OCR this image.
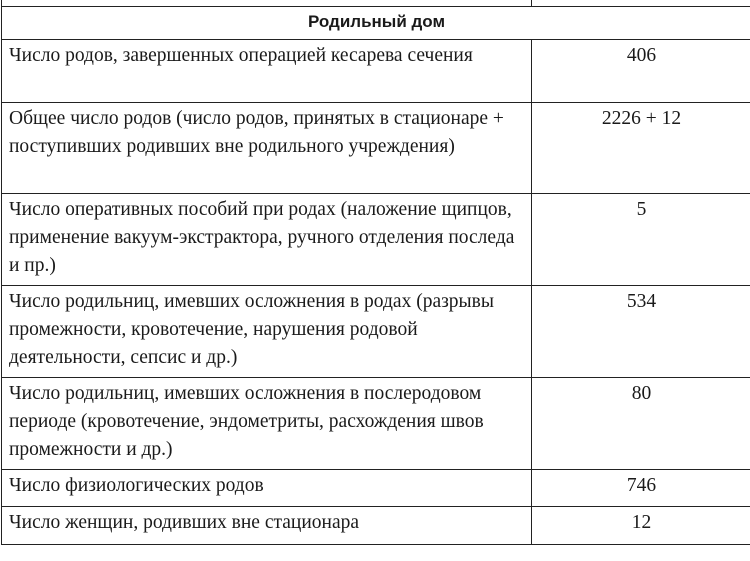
Родильный дом	
Число родов, завершенных операцией кесарева сечения	406
Общее число родов (число родов, принятых в стационаре + поступивших родивших вне родильного учреждения)	2226 + 12
Число оперативных пособий при родах (наложение щипцов, применение вакуум-экстрактора, ручного отделения последа и пр.)	5
Число родильниц, имевших осложнения в родах (разрывы промежности, кровотечение, нарушения родовой деятельности, сепсис и др.)	534
Число родильниц, имевших осложнения в послеродовом периоде (кровотечение, эндометриты, расхождения швов промежности и др.)	80
Число физиологических родов	746
Число женщин, родивших вне стационара	12
